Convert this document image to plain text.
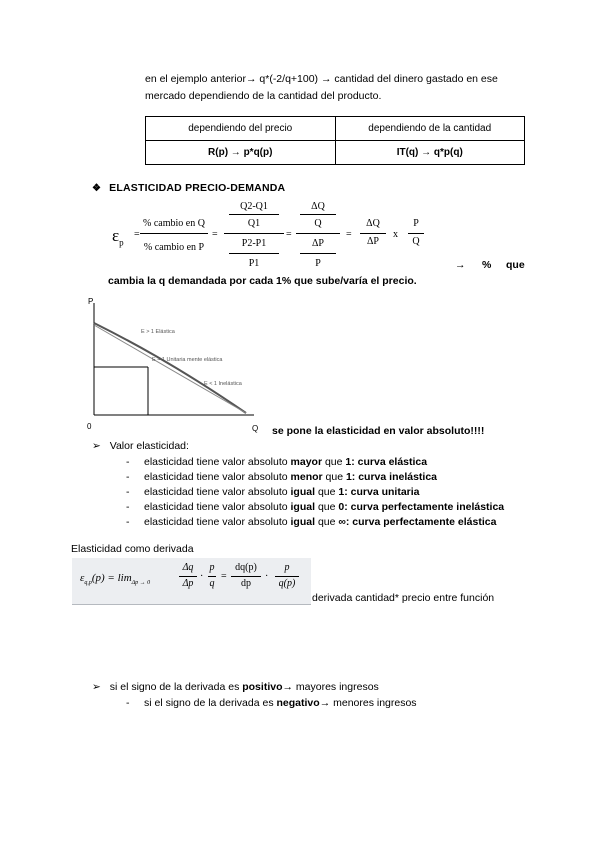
en el ejemplo anterior→ q*(-2/q+100) → cantidad del dinero gastado en ese
mercado dependiendo de la cantidad del producto.
dependiendo del precio	dependiendo de la cantidad
R(p) → p*q(p)	IT(q) → q*p(q)
❖ ELASTICIDAD PRECIO-DEMANDA
$\varepsilon_p$
=
% cambio en Q
% cambio en P
=
Q2-Q1
Q1
P2-P1
P1
=
ΔQ
Q
ΔP
P
=
ΔQ
ΔP
x
P
Q
→ % que
cambia la q demandada por cada 1% que sube/varía el precio.
P
Q
0
E > 1 Elástica
E = 1 Unitaria mente elástica
E < 1 Inelástica
se pone la elasticidad en valor absoluto!!!!
➢ Valor elasticidad:
- elasticidad tiene valor absoluto mayor que 1: curva elástica
- elasticidad tiene valor absoluto menor que 1: curva inelástica
- elasticidad tiene valor absoluto igual que 1: curva unitaria
- elasticidad tiene valor absoluto igual que 0: curva perfectamente inelástica
- elasticidad tiene valor absoluto igual que ∞: curva perfectamente elástica
Elasticidad como derivada
$\varepsilon_{q,p}(p) = \lim_{\Delta p \to 0}$
Δq
Δp
·
p
q
=
dq(p)
dp
·
p
q(p)
derivada cantidad* precio entre función
➢ si el signo de la derivada es positivo→ mayores ingresos
- si el signo de la derivada es negativo→ menores ingresos
